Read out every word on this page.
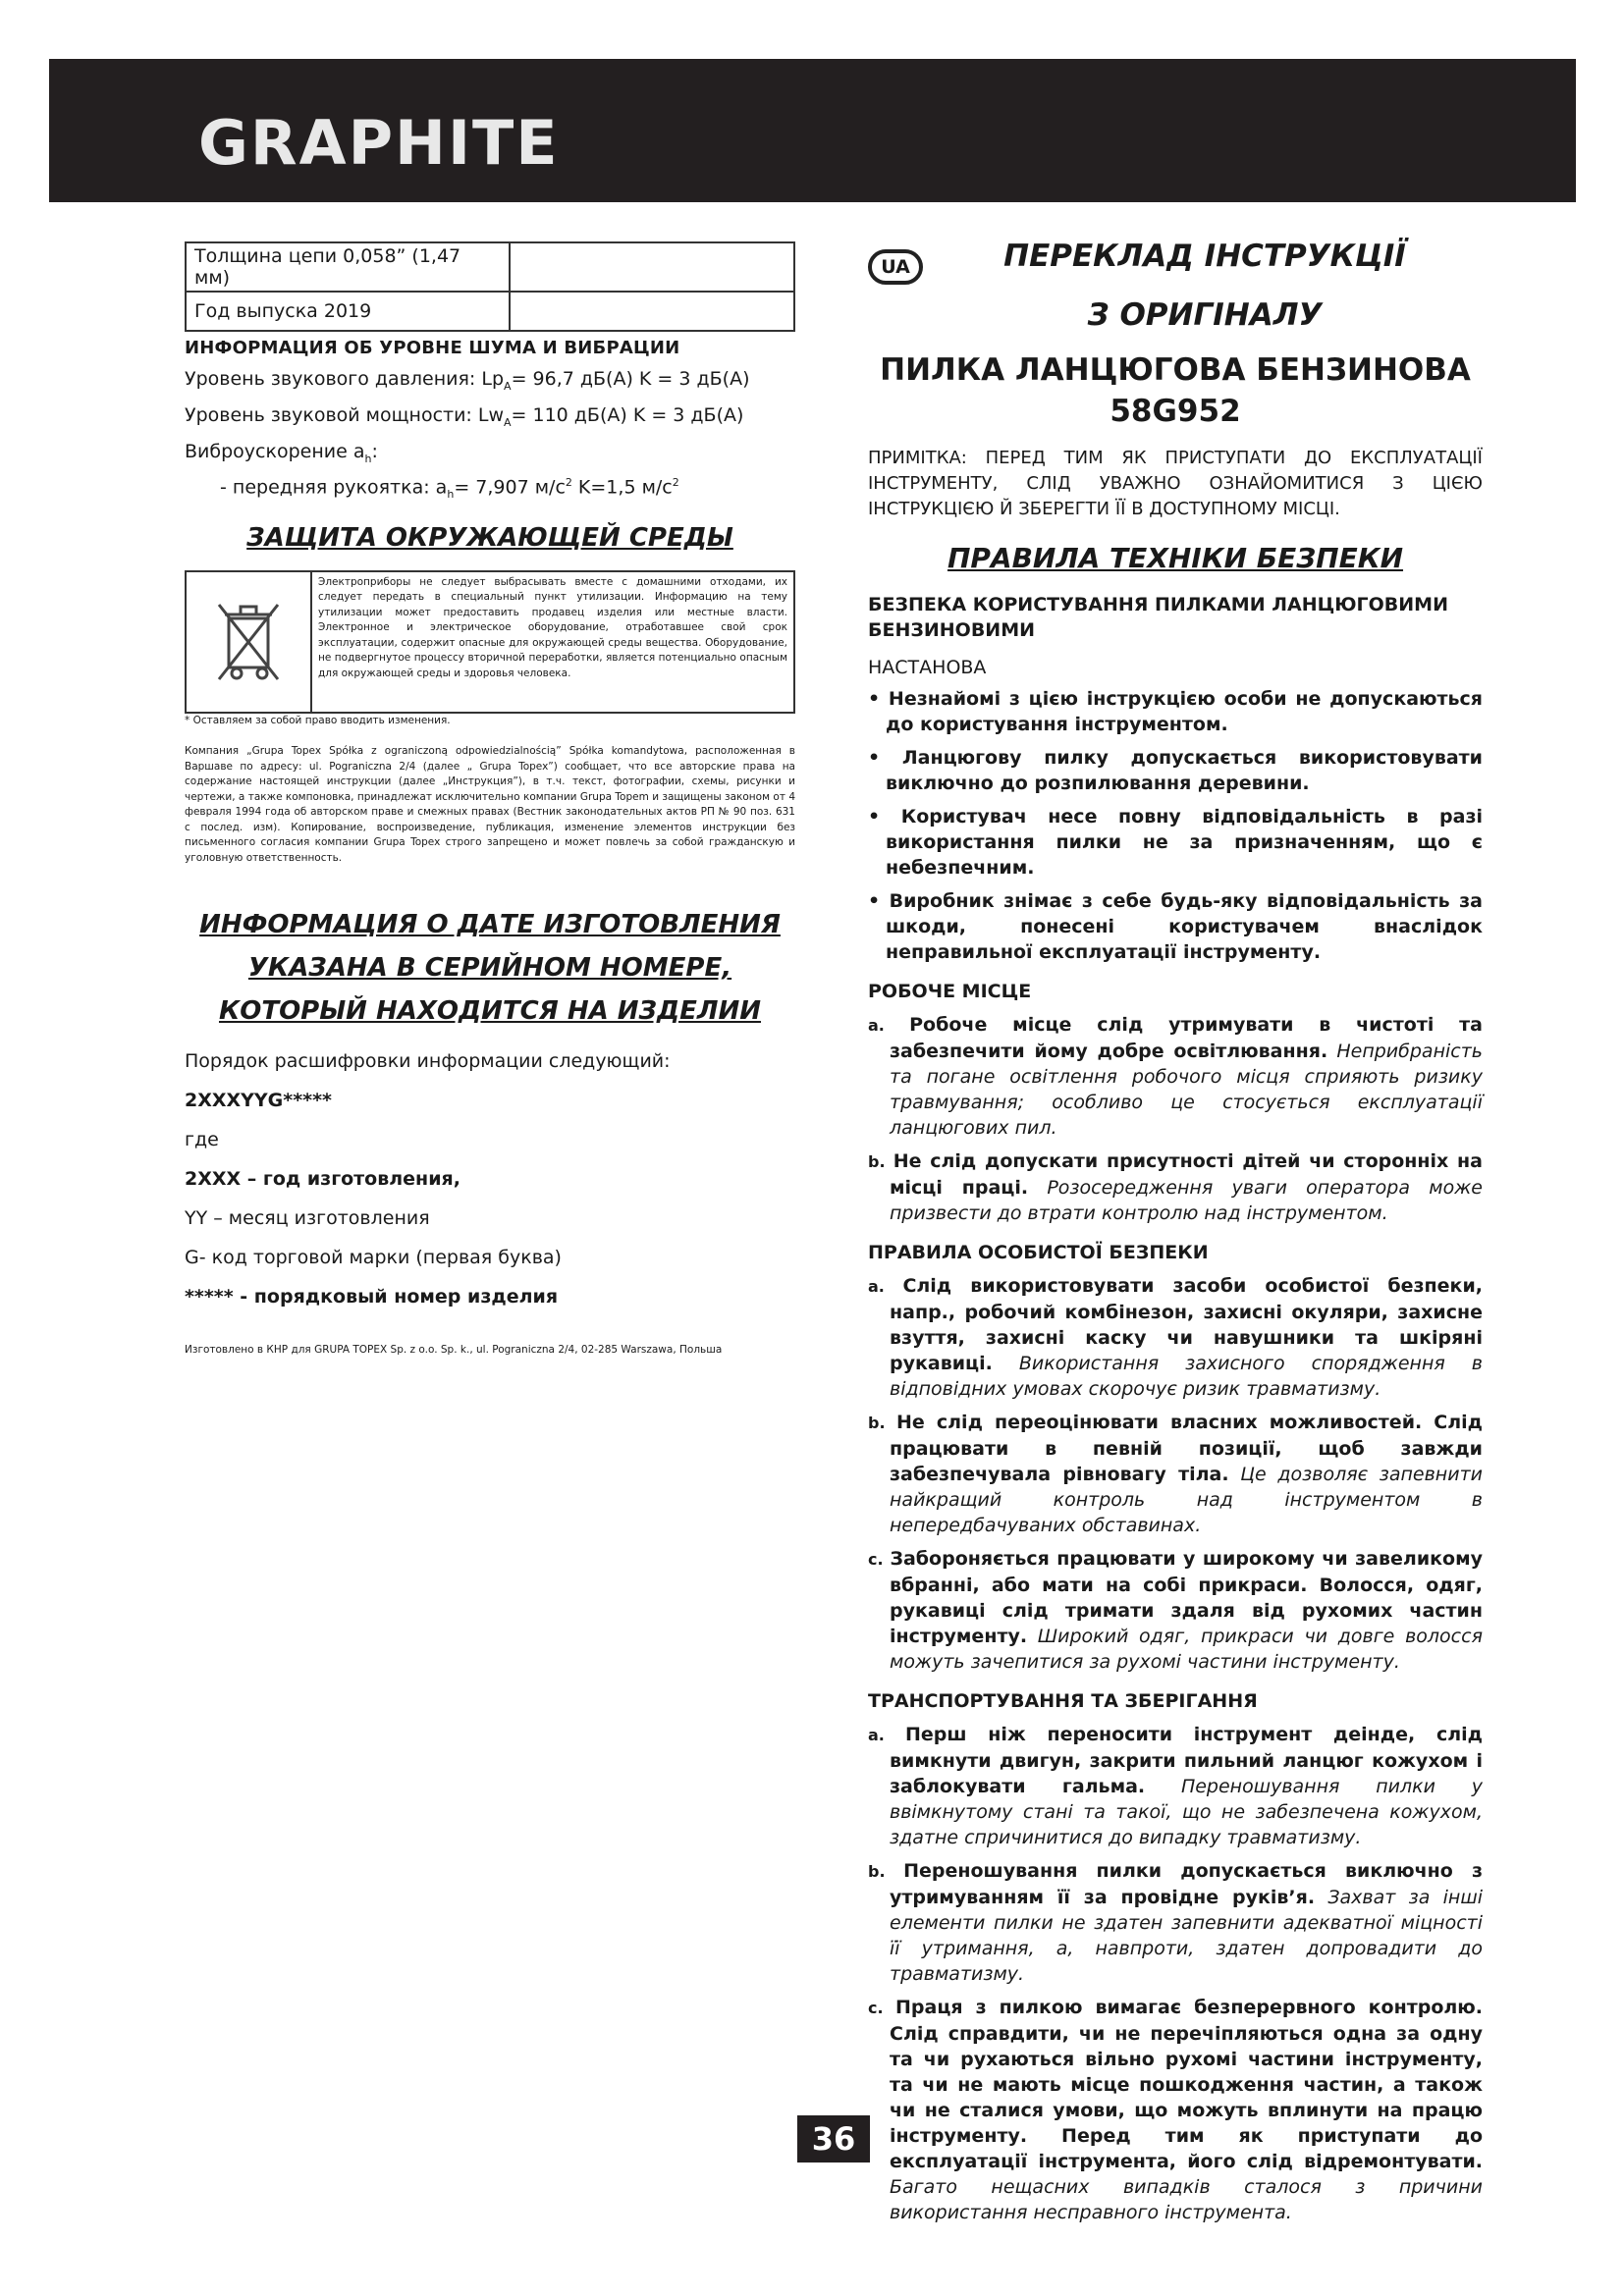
GRAPHITE
Толщина цепи 0,058” (1,47 мм)	
Год выпуска 2019	
ИНФОРМАЦИЯ ОБ УРОВНЕ ШУМА И ВИБРАЦИИ
Уровень звукового давления: $Lp_A= 96,7$ дБ(A) K = 3 дБ(A)
Уровень звуковой мощности: $Lw_A= 110$ дБ(A) K = 3 дБ(A)
Виброускорение $a_h$:
- передняя рукоятка: $a_h= 7,907$ $м/с^2$ K=1,5 $м/с^2$
ЗАЩИТА ОКРУЖАЮЩЕЙ СРЕДЫ
Электроприборы не следует выбрасывать вместе с домашними отходами, их следует передать в специальный пункт утилизации. Информацию на тему утилизации может предоставить продавец изделия или местные власти. Электронное и электрическое оборудование, отработавшее свой срок эксплуатации, содержит опасные для окружающей среды вещества. Оборудование, не подвергнутое процессу вторичной переработки, является потенциально опасным для окружающей среды и здоровья человека.
* Оставляем за собой право вводить изменения.
Компания „Grupa Topex Spółka z ograniczoną odpowiedzialnością” Spółka komandytowa, расположенная в Варшаве по адресу: ul. Pograniczna 2/4 (далее „ Grupa Topex”) сообщает, что все авторские права на содержание настоящей инструкции (далее „Инструкция”), в т.ч. текст, фотографии, схемы, рисунки и чертежи, а также компоновка, принадлежат исключительно компании Grupa Topem и защищены законом от 4 февраля 1994 года об авторском праве и смежных правах (Вестник законодательных актов РП № 90 поз. 631 с послед. изм). Копирование, воспроизведение, публикация, изменение элементов инструкции без письменного согласия компании Grupa Topex строго запрещено и может повлечь за собой гражданскую и уголовную ответственность.
ИНФОРМАЦИЯ О ДАТЕ ИЗГОТОВЛЕНИЯ
УКАЗАНА В СЕРИЙНОМ НОМЕРЕ,
КОТОРЫЙ НАХОДИТСЯ НА ИЗДЕЛИИ

Порядок расшифровки информации следующий:

2XXXYYG*****

где

2XXX – год изготовления,

YY – месяц изготовления

G- код торговой марки (первая буква)

***** - порядковый номер изделия

Изготовлено в КНР для GRUPA TOPEX Sp. z o.o. Sp. k., ul. Pograniczna 2/4, 02-285 Warszawa, Польша
UA	ПЕРЕКЛАД ІНСТРУКЦІЇ
З ОРИГІНАЛУ
ПИЛКА ЛАНЦЮГОВА БЕНЗИНОВА
58G952
ПРИМІТКА: ПЕРЕД ТИМ ЯК ПРИСТУПАТИ ДО ЕКСПЛУАТАЦІЇ ІНСТРУМЕНТУ, СЛІД УВАЖНО ОЗНАЙОМИТИСЯ З ЦІЄЮ ІНСТРУКЦІЄЮ Й ЗБЕРЕГТИ ЇЇ В ДОСТУПНОМУ МІСЦІ.
ПРАВИЛА ТЕХНІКИ БЕЗПЕКИ
БЕЗПЕКА КОРИСТУВАННЯ ПИЛКАМИ ЛАНЦЮГОВИМИ БЕНЗИНОВИМИ
НАСТАНОВА
• Незнайомі з цією інструкцією особи не допускаються до користування інструментом.
• Ланцюгову пилку допускається використовувати виключно до розпилювання деревини.
• Користувач несе повну відповідальність в разі використання пилки не за призначенням, що є небезпечним.
• Виробник знімає з себе будь-яку відповідальність за шкоди, понесені користувачем внаслідок неправильної експлуатації інструменту.
РОБОЧЕ МІСЦЕ
a. Робоче місце слід утримувати в чистоті та забезпечити йому добре освітлювання. Неприбраність та погане освітлення робочого місця сприяють ризику травмування; особливо це стосується експлуатації ланцюгових пил.
b. Не слід допускати присутності дітей чи сторонніх на місці праці. Розосередження уваги оператора може призвести до втрати контролю над інструментом.
ПРАВИЛА ОСОБИСТОЇ БЕЗПЕКИ
a. Слід використовувати засоби особистої безпеки, напр., робочий комбінезон, захисні окуляри, захисне взуття, захисні каску чи навушники та шкіряні рукавиці. Використання захисного спорядження в відповідних умовах скорочує ризик травматизму.
b. Не слід переоцінювати власних можливостей. Слід працювати в певній позиції, щоб завжди забезпечувала рівновагу тіла. Це дозволяє запевнити найкращий контроль над інструментом в непередбачуваних обставинах.
c. Забороняється працювати у широкому чи завеликому вбранні, або мати на собі прикраси. Волосся, одяг, рукавиці слід тримати здаля від рухомих частин інструменту. Широкий одяг, прикраси чи довге волосся можуть зачепитися за рухомі частини інструменту.
ТРАНСПОРТУВАННЯ ТА ЗБЕРІГАННЯ
a. Перш ніж переносити інструмент деінде, слід вимкнути двигун, закрити пильний ланцюг кожухом і заблокувати гальма. Переношування пилки у ввімкнутому стані та такої, що не забезпечена кожухом, здатне спричинитися до випадку травматизму.
b. Переношування пилки допускається виключно з утримуванням її за провідне руків’я. Захват за інші елементи пилки не здатен запевнити адекватної міцності її утримання, а, навпроти, здатен допровадити до травматизму.
c. Праця з пилкою вимагає безперервного контролю. Слід справдити, чи не перечіпляються одна за одну та чи рухаються вільно рухомі частини інструменту, та чи не мають місце пошкодження частин, а також чи не сталися умови, що можуть вплинути на працю інструменту. Перед тим як приступати до експлуатації інструмента, його слід відремонтувати. Багато нещасних випадків сталося з причини використання несправного інструмента.
36
